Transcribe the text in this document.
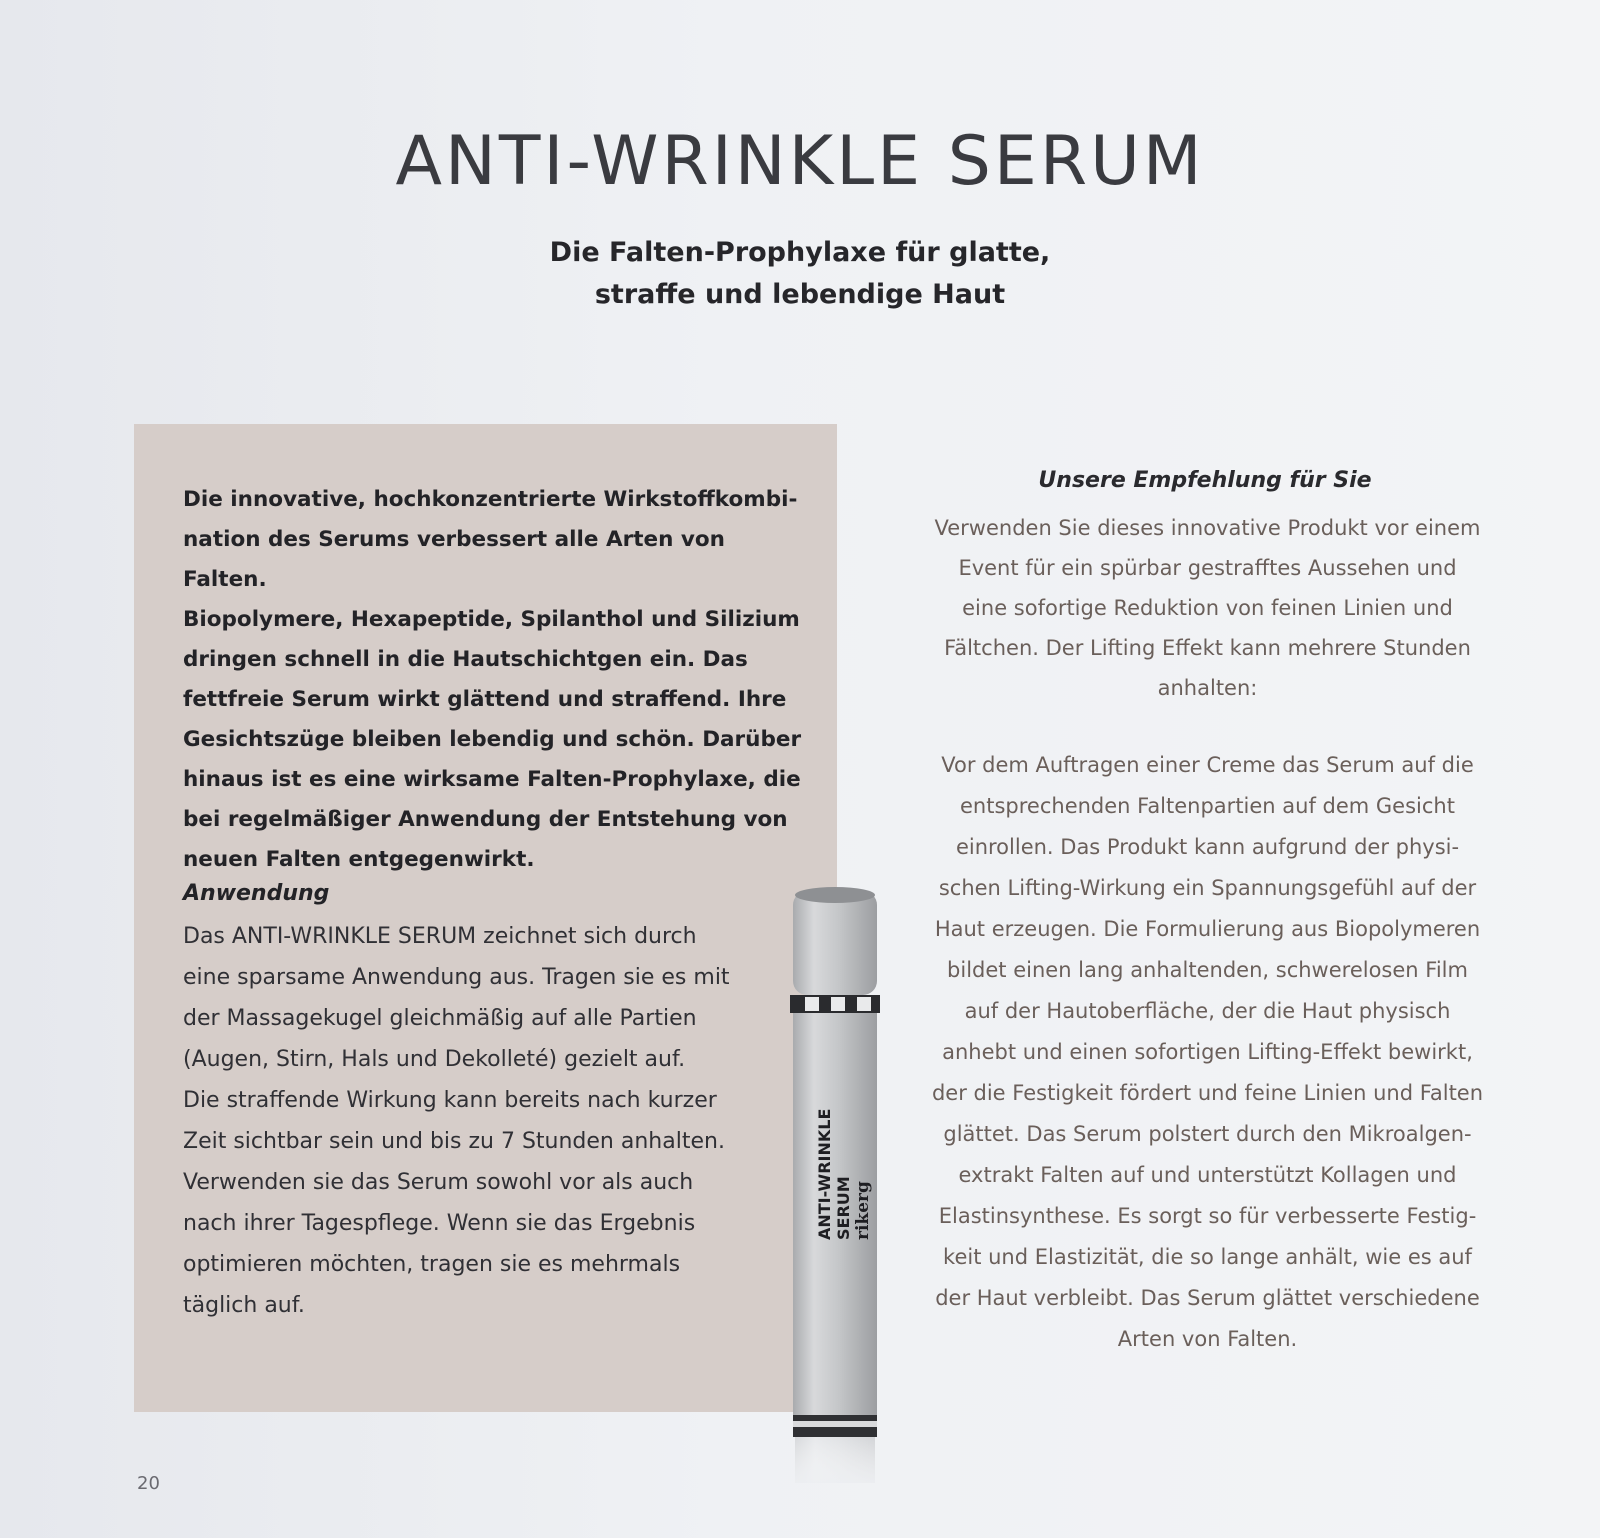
ANTI-WRINKLE SERUM
Die Falten-Prophylaxe für glatte,
straffe und lebendige Haut
Die innovative, hochkonzentrierte Wirkstoffkombi-
nation des Serums verbessert alle Arten von Falten.
Biopolymere, Hexapeptide, Spilanthol und Silizium
dringen schnell in die Hautschichtgen ein. Das
fettfreie Serum wirkt glättend und straffend. Ihre
Gesichtszüge bleiben lebendig und schön. Darüber
hinaus ist es eine wirksame Falten-Prophylaxe, die
bei regelmäßiger Anwendung der Entstehung von
neuen Falten entgegenwirkt.
Anwendung
Das ANTI-WRINKLE SERUM zeichnet sich durch
eine sparsame Anwendung aus. Tragen sie es mit
der Massagekugel gleichmäßig auf alle Partien
(Augen, Stirn, Hals und Dekolleté) gezielt auf.
Die straffende Wirkung kann bereits nach kurzer
Zeit sichtbar sein und bis zu 7 Stunden anhalten.
Verwenden sie das Serum sowohl vor als auch
nach ihrer Tagespflege. Wenn sie das Ergebnis
optimieren möchten, tragen sie es mehrmals
täglich auf.
Unsere Empfehlung für Sie
Verwenden Sie dieses innovative Produkt vor einem
Event für ein spürbar gestrafftes Aussehen und
eine sofortige Reduktion von feinen Linien und
Fältchen. Der Lifting Effekt kann mehrere Stunden
anhalten:
Vor dem Auftragen einer Creme das Serum auf die
entsprechenden Faltenpartien auf dem Gesicht
einrollen. Das Produkt kann aufgrund der physi-
schen Lifting-Wirkung ein Spannungsgefühl auf der
Haut erzeugen. Die Formulierung aus Biopolymeren
bildet einen lang anhaltenden, schwerelosen Film
auf der Hautoberfläche, der die Haut physisch
anhebt und einen sofortigen Lifting-Effekt bewirkt,
der die Festigkeit fördert und feine Linien und Falten
glättet. Das Serum polstert durch den Mikroalgen-
extrakt Falten auf und unterstützt Kollagen und
Elastinsynthese. Es sorgt so für verbesserte Festig-
keit und Elastizität, die so lange anhält, wie es auf
der Haut verbleibt. Das Serum glättet verschiedene
Arten von Falten.
ANTI-WRINKLE SERUM rikerg
20
